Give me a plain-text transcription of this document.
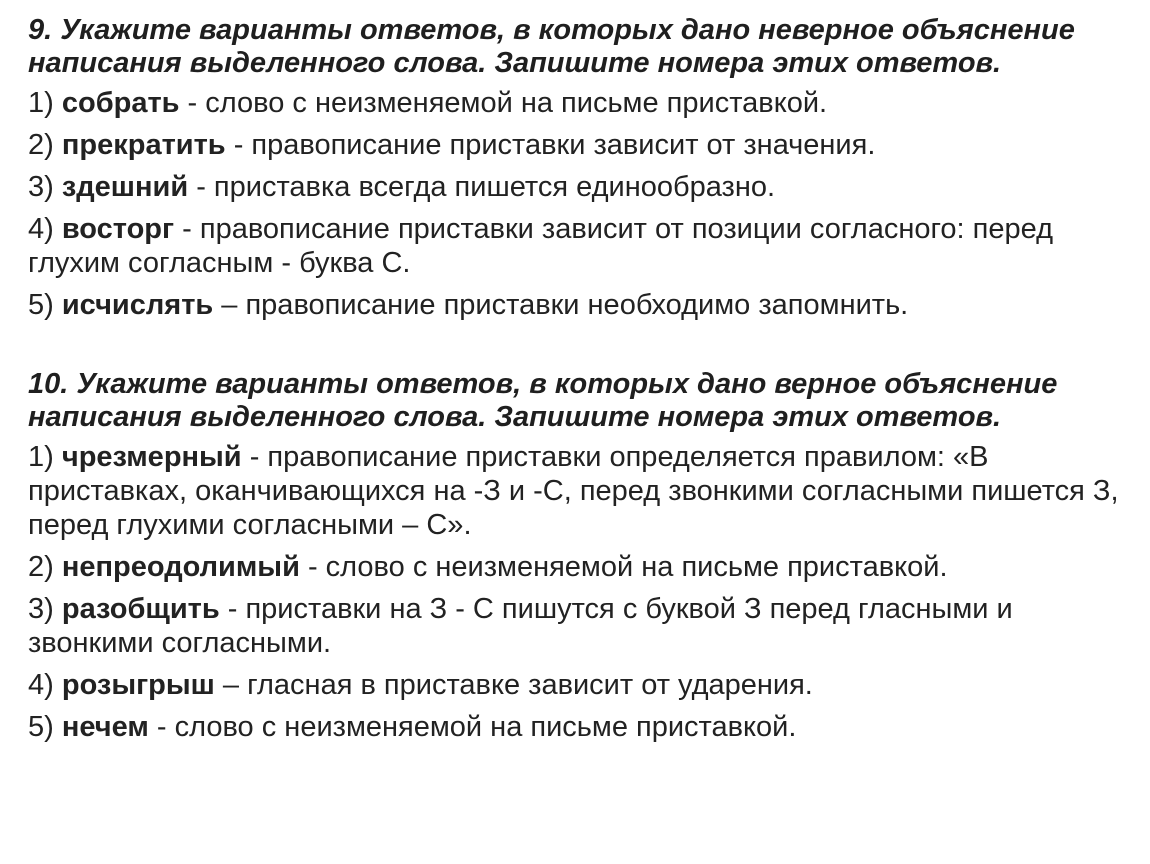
9. Укажите варианты ответов, в которых дано неверное объяснение написания выделенного слова. Запишите номера этих ответов.
1) собрать - слово с неизменяемой на письме приставкой.
2) прекратить - правописание приставки зависит от значения.
3) здешний - приставка всегда пишется единообразно.
4) восторг - правописание приставки зависит от позиции согласного: перед глухим согласным - буква С.
5) исчислять – правописание приставки необходимо запомнить.
10. Укажите варианты ответов, в которых дано верное объяснение написания выделенного слова. Запишите номера этих ответов.
1) чрезмерный - правописание приставки определяется правилом: «В приставках, оканчивающихся на -З и -С, перед звонкими согласными пишется З, перед глухими согласными – С».
2) непреодолимый - слово с неизменяемой на письме приставкой.
3) разобщить - приставки на З - С пишутся с буквой З перед гласными и звонкими согласными.
4) розыгрыш – гласная в приставке зависит от ударения.
5) нечем - слово с неизменяемой на письме приставкой.
